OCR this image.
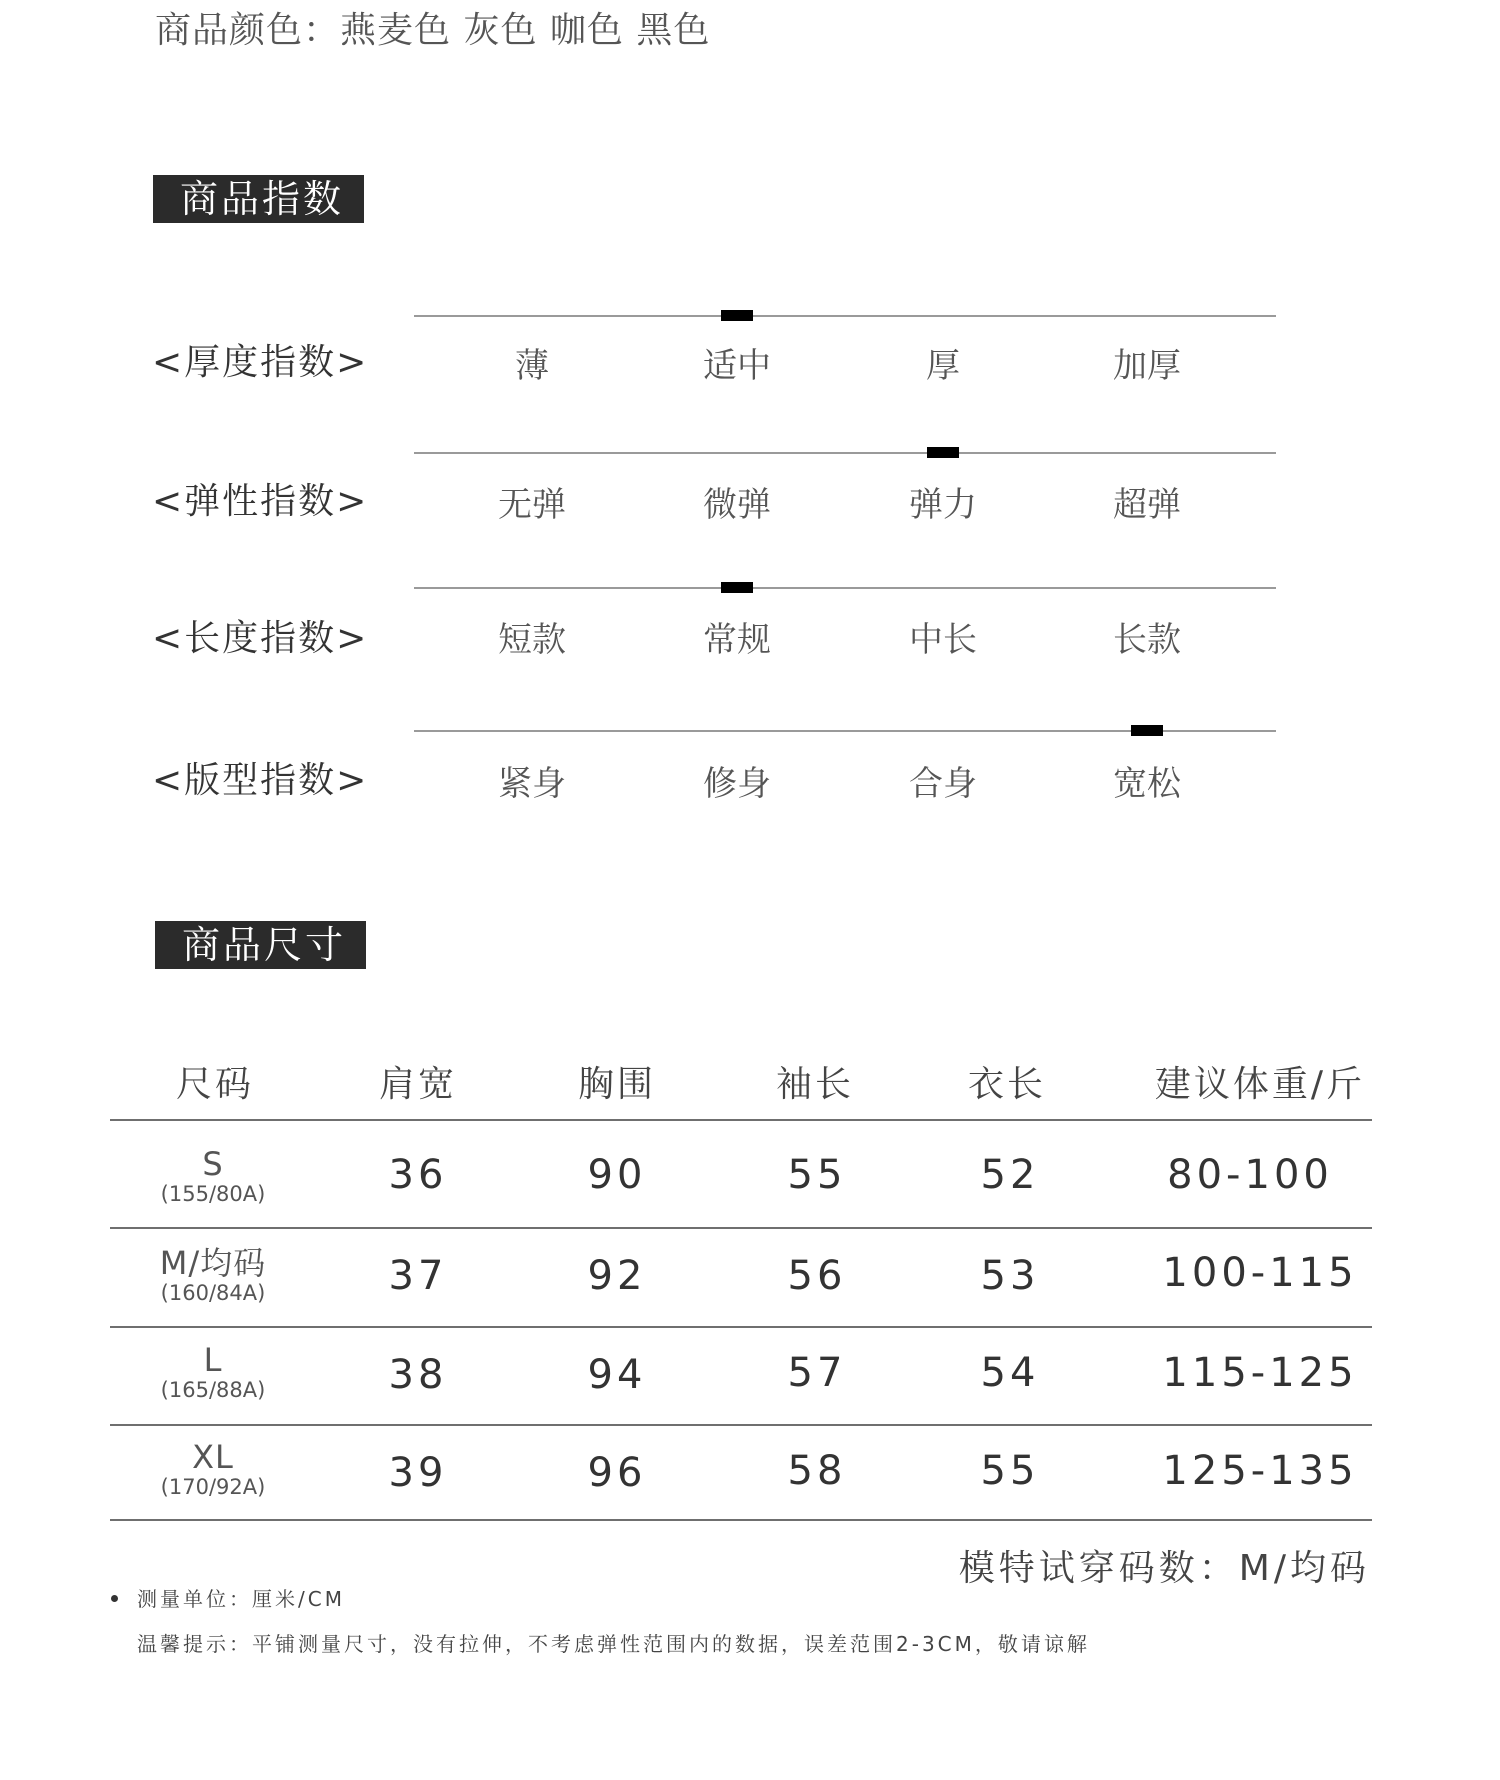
商品颜色：燕麦色 灰色 咖色 黑色
商品指数
<厚度指数>	薄	适中	厚	加厚
<弹性指数>	无弹	微弹	弹力	超弹
<长度指数>	短款	常规	中长	长款
<版型指数>	紧身	修身	合身	宽松
商品尺寸
尺码	肩宽	胸围	袖长	衣长	建议体重/斤
S
(155/80A)	36	90	55	52	80-100
M/均码
(160/84A)	37	92	56	53	100-115
L
(165/88A)	38	94	57	54	115-125
XL
(170/92A)	39	96	58	55	125-135
模特试穿码数：M/均码
测量单位：厘米/CM
温馨提示：平铺测量尺寸，没有拉伸，不考虑弹性范围内的数据，误差范围2-3CM，敬请谅解
